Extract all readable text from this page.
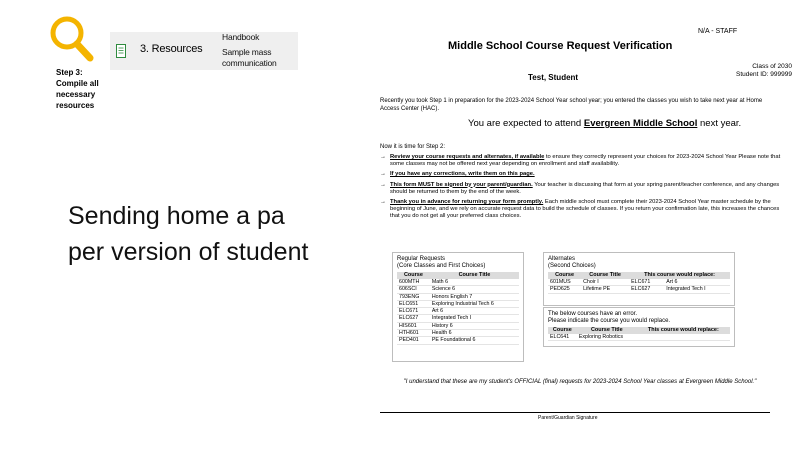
Step 3: Compile all necessary resources
3. Resources
Handbook
Sample mass
communication
Sending home a pa
per version of student
N/A - STAFF
Middle School Course Request Verification
Class of 2030
Student ID: 999999
Test, Student
Recently you took Step 1 in preparation for the 2023-2024 School Year school year; you entered the classes you wish to take next year at Home Access Center (HAC).
You are expected to attend Evergreen Middle School next year.
Now it is time for Step 2:
→ Review your course requests and alternates, if available to ensure they correctly represent your choices for 2023-2024 School Year Please note that some classes may not be offered next year depending on enrollment and staff availability.
→ If you have any corrections, write them on this page.
→ This form MUST be signed by your parent/guardian. Your teacher is discussing that form at your spring parent/teacher conference, and any changes should be returned to them by the end of the week.
→ Thank you in advance for returning your form promptly. Each middle school must complete their 2023-2024 School Year master schedule by the beginning of June, and we rely on accurate request data to build the schedule of classes. If you return your confirmation late, this increases the chances that you do not get all your preferred class choices.
Regular Requests
(Core Classes and First Choices)
Course	Course Title
600MTH	Math 6
606SCI	Science 6
793ENG	Honors English 7
ELC651	Exploring Industrial Tech 6
ELC671	Art 6
ELC627	Integrated Tech I
HIS601	History 6
HTH601	Health 6
PED401	PE Foundational 6
Alternates
(Second Choices)
Course	Course Title	This course would replace:	
601MUS	Choir I	ELC671	Art 6
PED625	Lifetime PE	ELC627	Integrated Tech I
The below courses have an error.
Please indicate the course you would replace.
Course	Course Title	This course would replace:
ELC641	Exploring Robotics	
"I understand that these are my student's OFFICIAL (final) requests for 2023-2024 School Year classes at Evergreen Middle School."
Parent/Guardian Signature
